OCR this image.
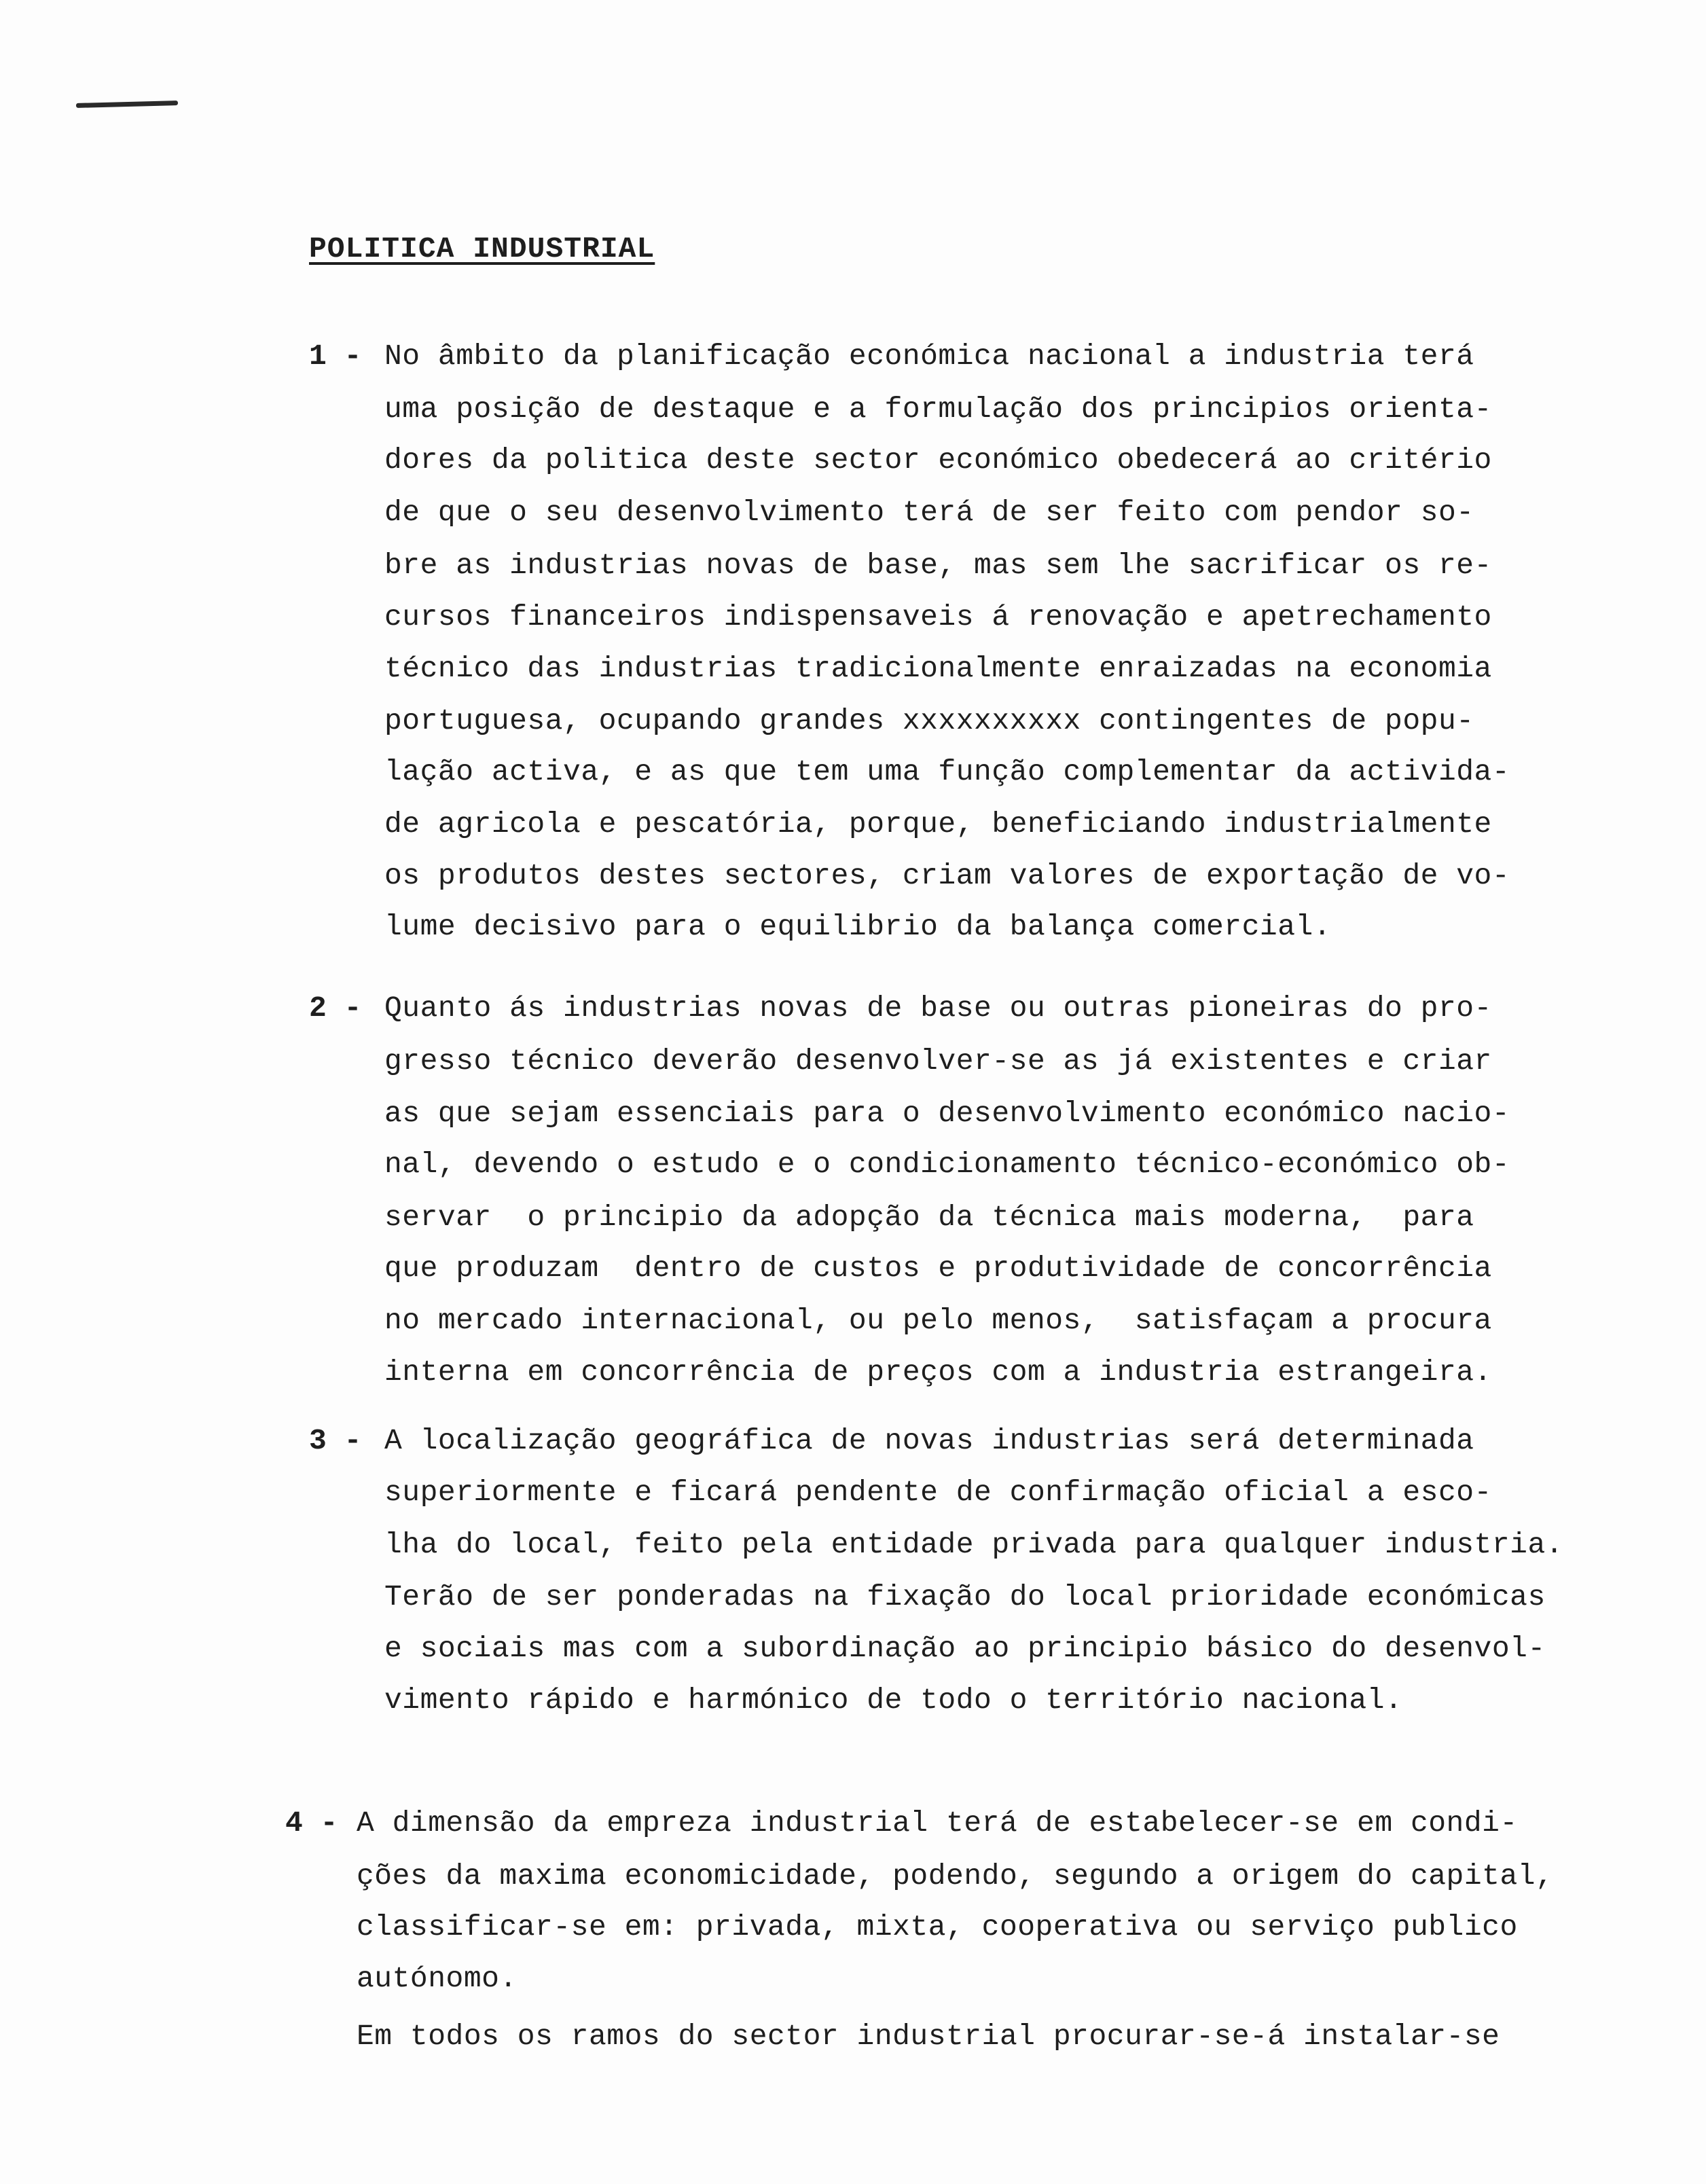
POLITICA INDUSTRIAL
1 - No âmbito da planificação económica nacional a industria terá
uma posição de destaque e a formulação dos principios orienta-
dores da politica deste sector económico obedecerá ao critério
de que o seu desenvolvimento terá de ser feito com pendor so-
bre as industrias novas de base, mas sem lhe sacrificar os re-
cursos financeiros indispensaveis á renovação e apetrechamento
técnico das industrias tradicionalmente enraizadas na economia
portuguesa, ocupando grandes xxxxxxxxxx contingentes de popu-
lação activa, e as que tem uma função complementar da activida-
de agricola e pescatória, porque, beneficiando industrialmente
os produtos destes sectores, criam valores de exportação de vo-
lume decisivo para o equilibrio da balança comercial.
2 - Quanto ás industrias novas de base ou outras pioneiras do pro-
gresso técnico deverão desenvolver-se as já existentes e criar
as que sejam essenciais para o desenvolvimento económico nacio-
nal, devendo o estudo e o condicionamento técnico-económico ob-
servar  o principio da adopção da técnica mais moderna,  para
que produzam  dentro de custos e produtividade de concorrência
no mercado internacional, ou pelo menos,  satisfaçam a procura
interna em concorrência de preços com a industria estrangeira.
3 - A localização geográfica de novas industrias será determinada
superiormente e ficará pendente de confirmação oficial a esco-
lha do local, feito pela entidade privada para qualquer industria.
Terão de ser ponderadas na fixação do local prioridade económicas
e sociais mas com a subordinação ao principio básico do desenvol-
vimento rápido e harmónico de todo o território nacional.
4 - A dimensão da empreza industrial terá de estabelecer-se em condi-
ções da maxima economicidade, podendo, segundo a origem do capital,
classificar-se em: privada, mixta, cooperativa ou serviço publico
autónomo.
Em todos os ramos do sector industrial procurar-se-á instalar-se
